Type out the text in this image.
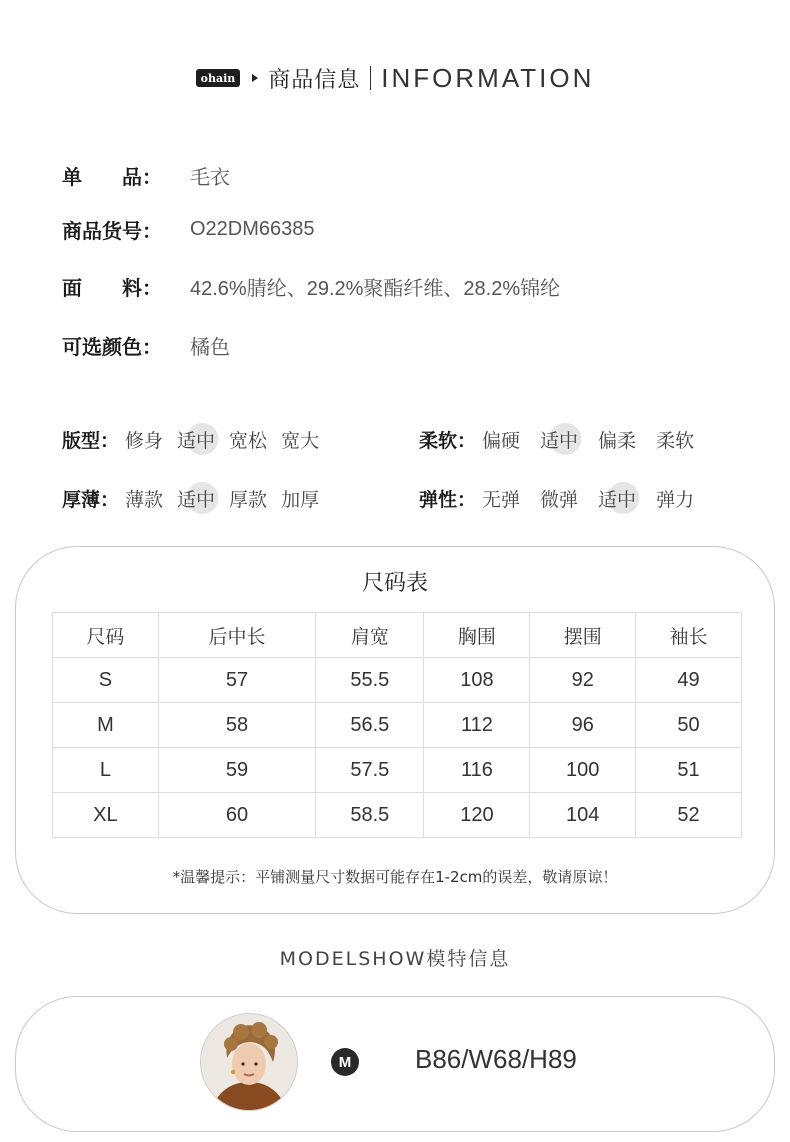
ohain 商品信息 INFORMATION
单　　品：	毛衣
商品货号：	O22DM66385
面　　料：	42.6%腈纶、29.2%聚酯纤维、28.2%锦纶
可选颜色：	橘色
版型： 修身 适中 宽松 宽大	柔软： 偏硬 适中 偏柔 柔软
厚薄： 薄款 适中 厚款 加厚	弹性： 无弹 微弹 适中 弹力
尺码表
尺码	后中长	肩宽	胸围	摆围	袖长
S	57	55.5	108	92	49
M	58	56.5	112	96	50
L	59	57.5	116	100	51
XL	60	58.5	120	104	52
*温馨提示：平铺测量尺寸数据可能存在1-2cm的误差，敬请原谅！
MODELSHOW模特信息
M B86/W68/H89
